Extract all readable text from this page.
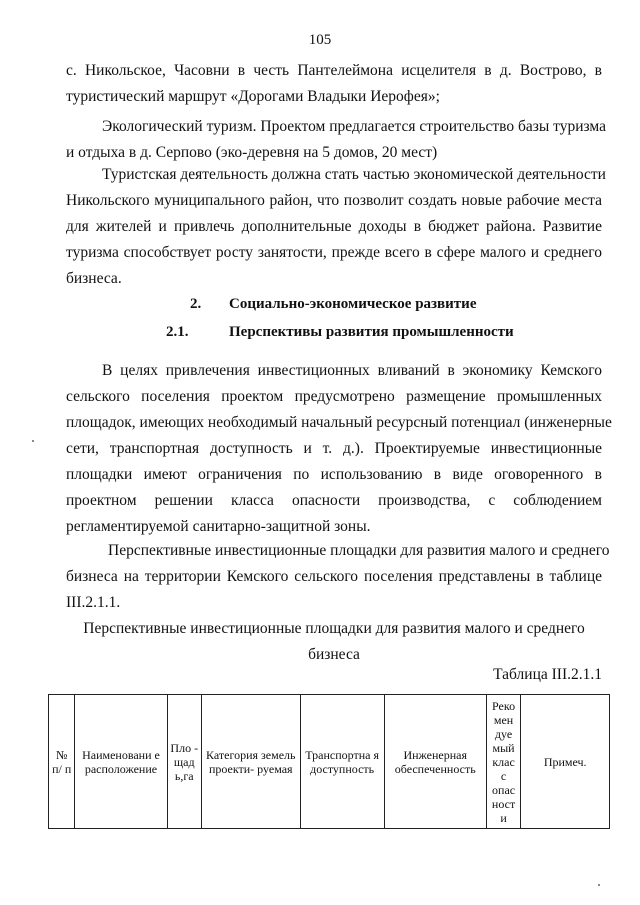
105
с. Никольское, Часовни в честь Пантелеймона исцелителя в д. Вострово, в
туристический маршрут «Дорогами Владыки Иерофея»;
Экологический туризм. Проектом предлагается строительство базы туризма
и отдыха в д. Серпово (эко-деревня на 5 домов, 20 мест)
Туристская деятельность должна стать частью экономической деятельности
Никольского муниципального район, что позволит создать новые рабочие места
для жителей и привлечь дополнительные доходы в бюджет района. Развитие
туризма способствует росту занятости, прежде всего в сфере малого и среднего
бизнеса.
2. Социально-экономическое развитие
2.1.	Перспективы развития промышленности
В целях привлечения инвестиционных вливаний в экономику Кемского
сельского поселения проектом предусмотрено размещение промышленных
площадок, имеющих необходимый начальный ресурсный потенциал (инженерные
сети, транспортная доступность и т. д.). Проектируемые инвестиционные
площадки имеют ограничения по использованию в виде оговоренного в
проектном решении класса опасности производства, с соблюдением
регламентируемой санитарно-защитной зоны.
Перспективные инвестиционные площадки для развития малого и среднего
бизнеса на территории Кемского сельского поселения представлены в таблице
III.2.1.1.
Перспективные инвестиционные площадки для развития малого и среднего
бизнеса
Таблица III.2.1.1
№ п/ п	Наименовани е расположение	Пло - щад ь,га	Категория земель проекти- руемая	Транспортна я доступность	Инженерная обеспеченность	Реко мен дуе мый клас с опас ност и	Примеч.
